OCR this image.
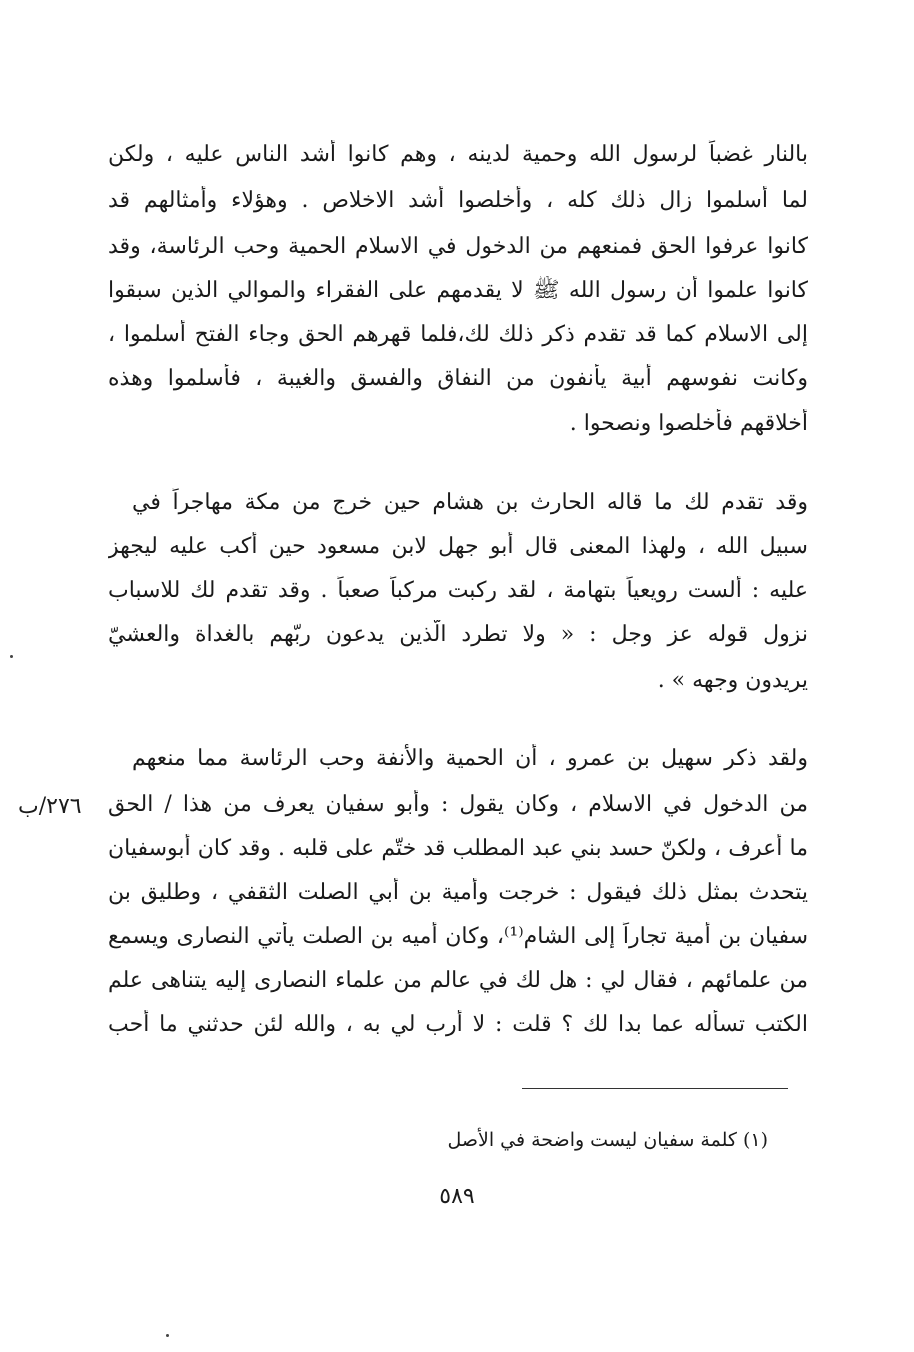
بالنار غضباً لرسول الله وحمية لدينه ، وهم كانوا أشد الناس عليه ، ولكن
لما أسلموا زال ذلك كله ، وأخلصوا أشد الاخلاص . وهؤلاء وأمثالهم قد
كانوا عرفوا الحق فمنعهم من الدخول في الاسلام الحمية وحب الرئاسة، وقد
كانوا علموا أن رسول الله ﷺ لا يقدمهم على الفقراء والموالي الذين سبقوا
إلى الاسلام كما قد تقدم ذكر ذلك لك،فلما قهرهم الحق وجاء الفتح أسلموا ،
وكانت نفوسهم أبية يأنفون من النفاق والفسق والغيبة ، فأسلموا وهذه
أخلاقهم فأخلصوا ونصحوا .
وقد تقدم لك ما قاله الحارث بن هشام حين خرج من مكة مهاجراً في
سبيل الله ، ولهذا المعنى قال أبو جهل لابن مسعود حين أكب عليه ليجهز
عليه : ألست رويعياً بتهامة ، لقد ركبت مركباً صعباً . وقد تقدم لك للاسباب
نزول قوله عز وجل : « ولا تطرد الّذين يدعون ربّهم بالغداة والعشيّ
يريدون وجهه » .
ولقد ذكر سهيل بن عمرو ، أن الحمية والأنفة وحب الرئاسة مما منعهم
من الدخول في الاسلام ، وكان يقول : وأبو سفيان يعرف من هذا / الحق
ما أعرف ، ولكنّ حسد بني عبد المطلب قد ختّم على قلبه . وقد كان أبوسفيان
يتحدث بمثل ذلك فيقول : خرجت وأمية بن أبي الصلت الثقفي ، وطليق بن
سفيان بن أمية تجاراً إلى الشام⁽¹⁾، وكان أميه بن الصلت يأتي النصارى ويسمع
من علمائهم ، فقال لي : هل لك في عالم من علماء النصارى إليه يتناهى علم
الكتب تسأله عما بدا لك ؟ قلت : لا أرب لي به ، والله لئن حدثني ما أحب
٢٧٦/ب
(١) كلمة سفيان ليست واضحة في الأصل
٥٨٩
